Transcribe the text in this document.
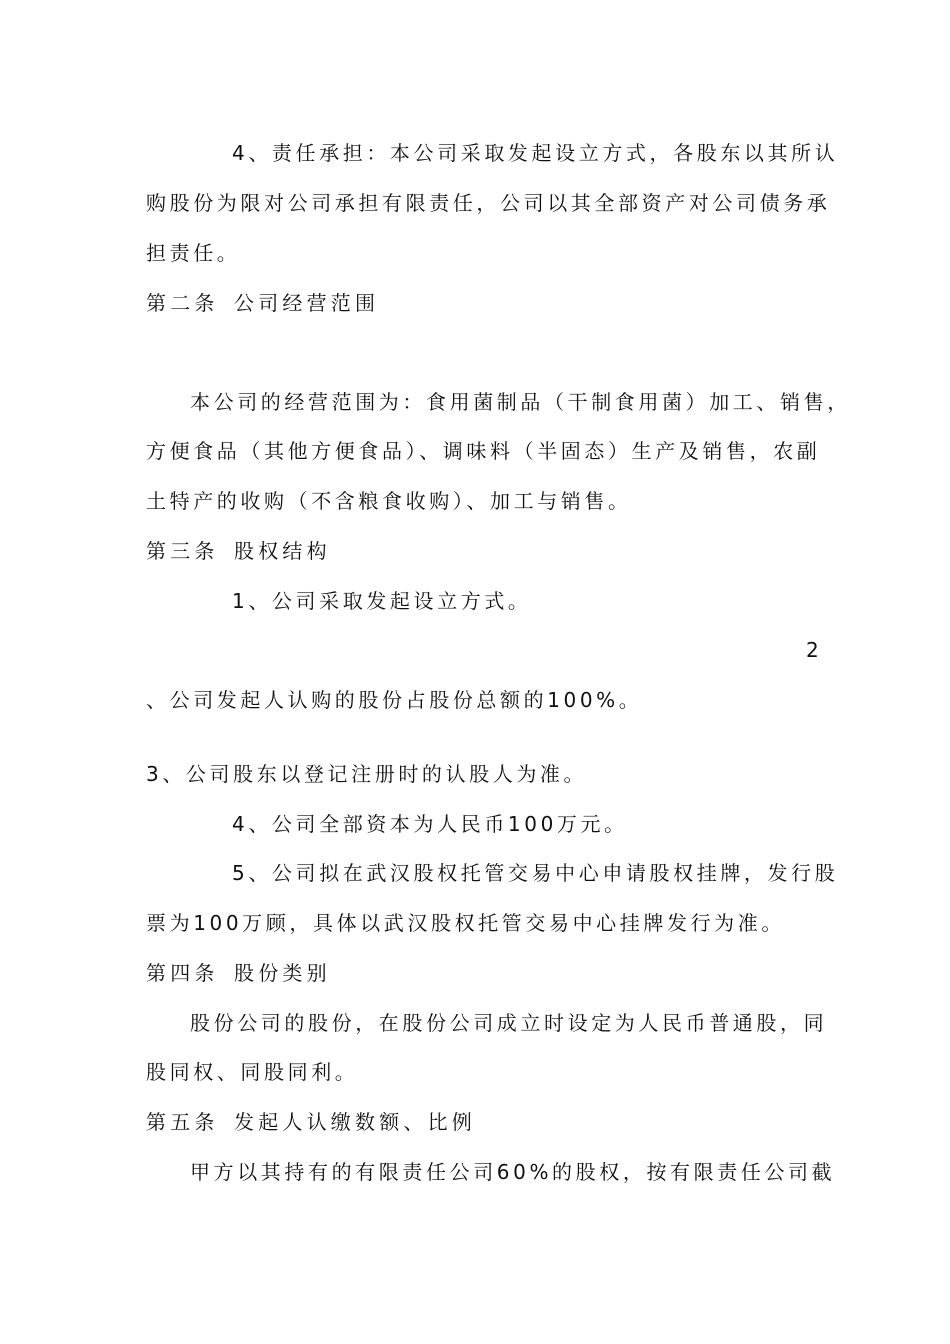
4、责任承担：本公司采取发起设立方式，各股东以其所认
购股份为限对公司承担有限责任，公司以其全部资产对公司债务承
担责任。
第二条 公司经营范围
本公司的经营范围为：食用菌制品（干制食用菌）加工、销售，
方便食品（其他方便食品）、调味料（半固态）生产及销售，农副
土特产的收购（不含粮食收购）、加工与销售。
第三条 股权结构
1、公司采取发起设立方式。
2
、公司发起人认购的股份占股份总额的100%。
3、公司股东以登记注册时的认股人为准。
4、公司全部资本为人民币100万元。
5、公司拟在武汉股权托管交易中心申请股权挂牌，发行股
票为100万顾，具体以武汉股权托管交易中心挂牌发行为准。
第四条 股份类别
股份公司的股份，在股份公司成立时设定为人民币普通股，同
股同权、同股同利。
第五条 发起人认缴数额、比例
甲方以其持有的有限责任公司60%的股权，按有限责任公司截
